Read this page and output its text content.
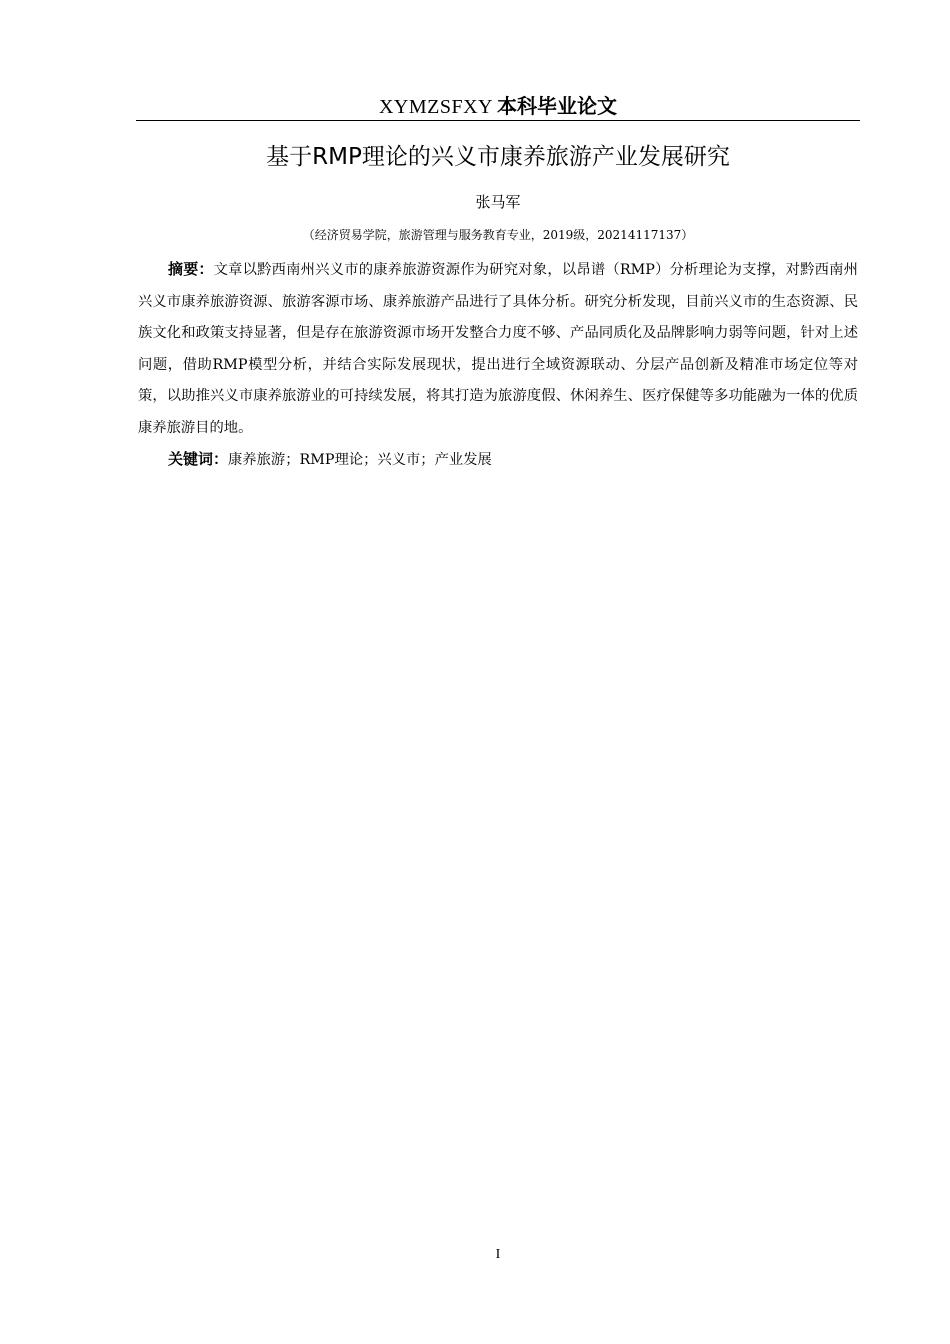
XYMZSFXY 本科毕业论文
基于RMP理论的兴义市康养旅游产业发展研究
张马军
（经济贸易学院，旅游管理与服务教育专业，2019级，20214117137）

摘要：文章以黔西南州兴义市的康养旅游资源作为研究对象，以昂谱（RMP）分析理论为支撑，对黔西南州兴义市康养旅游资源、旅游客源市场、康养旅游产品进行了具体分析。研究分析发现，目前兴义市的生态资源、民族文化和政策支持显著，但是存在旅游资源市场开发整合力度不够、产品同质化及品牌影响力弱等问题，针对上述问题，借助RMP模型分析，并结合实际发展现状，提出进行全域资源联动、分层产品创新及精准市场定位等对策，以助推兴义市康养旅游业的可持续发展，将其打造为旅游度假、休闲养生、医疗保健等多功能融为一体的优质康养旅游目的地。

关键词：康养旅游；RMP理论；兴义市；产业发展
I
